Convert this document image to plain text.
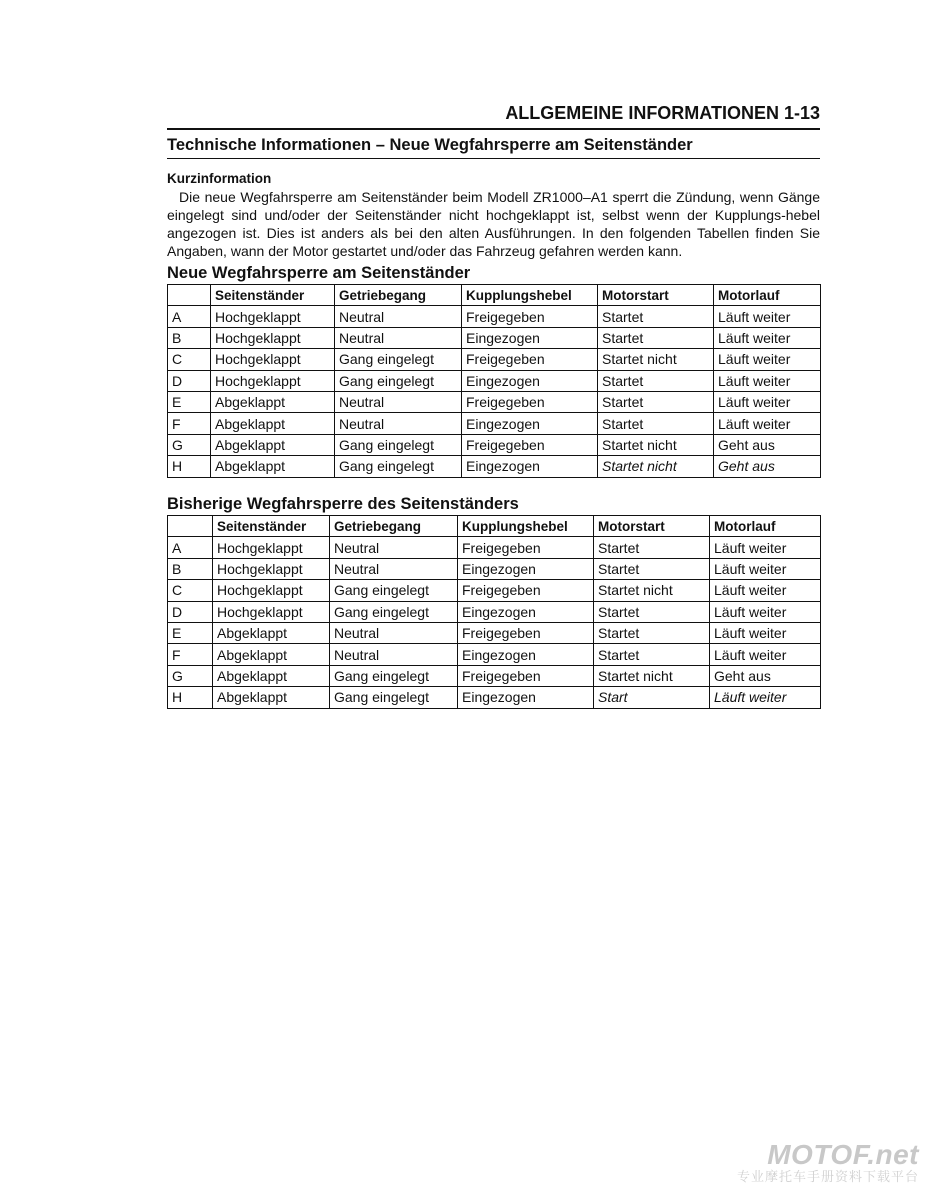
ALLGEMEINE INFORMATIONEN 1-13
Technische Informationen – Neue Wegfahrsperre am Seitenständer
Kurzinformation

Die neue Wegfahrsperre am Seitenständer beim Modell ZR1000–A1 sperrt die Zündung, wenn Gänge eingelegt sind und/oder der Seitenständer nicht hochgeklappt ist, selbst wenn der Kupplungs-hebel angezogen ist. Dies ist anders als bei den alten Ausführungen. In den folgenden Tabellen finden Sie Angaben, wann der Motor gestartet und/oder das Fahrzeug gefahren werden kann.

Neue Wegfahrsperre am Seitenständer
	Seitenständer	Getriebegang	Kupplungshebel	Motorstart	Motorlauf
A	Hochgeklappt	Neutral	Freigegeben	Startet	Läuft weiter
B	Hochgeklappt	Neutral	Eingezogen	Startet	Läuft weiter
C	Hochgeklappt	Gang eingelegt	Freigegeben	Startet nicht	Läuft weiter
D	Hochgeklappt	Gang eingelegt	Eingezogen	Startet	Läuft weiter
E	Abgeklappt	Neutral	Freigegeben	Startet	Läuft weiter
F	Abgeklappt	Neutral	Eingezogen	Startet	Läuft weiter
G	Abgeklappt	Gang eingelegt	Freigegeben	Startet nicht	Geht aus
H	Abgeklappt	Gang eingelegt	Eingezogen	Startet nicht	Geht aus
Bisherige Wegfahrsperre des Seitenständers
	Seitenständer	Getriebegang	Kupplungshebel	Motorstart	Motorlauf
A	Hochgeklappt	Neutral	Freigegeben	Startet	Läuft weiter
B	Hochgeklappt	Neutral	Eingezogen	Startet	Läuft weiter
C	Hochgeklappt	Gang eingelegt	Freigegeben	Startet nicht	Läuft weiter
D	Hochgeklappt	Gang eingelegt	Eingezogen	Startet	Läuft weiter
E	Abgeklappt	Neutral	Freigegeben	Startet	Läuft weiter
F	Abgeklappt	Neutral	Eingezogen	Startet	Läuft weiter
G	Abgeklappt	Gang eingelegt	Freigegeben	Startet nicht	Geht aus
H	Abgeklappt	Gang eingelegt	Eingezogen	Start	Läuft weiter
MOTOF.net
专业摩托车手册资料下载平台
